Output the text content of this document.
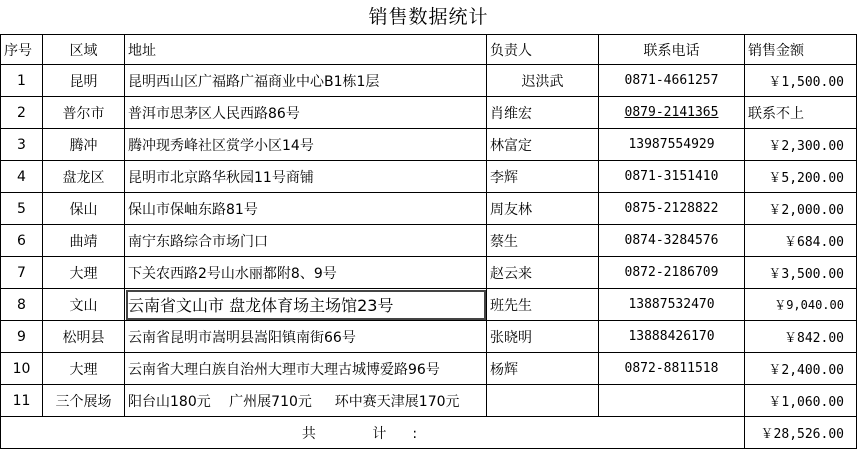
销售数据统计
序号	区域	地址	负责人	联系电话	销售金额
1	昆明	昆明西山区广福路广福商业中心B1栋1层	迟洪武	0871-4661257	￥1,500.00
2	普尔市	普洱市思茅区人民西路86号	肖维宏	0879-2141365	联系不上
3	腾冲	腾冲现秀峰社区赏学小区14号	林富定	13987554929	￥2,300.00
4	盘龙区	昆明市北京路华秋园11号商铺	李辉	0871-3151410	￥5,200.00
5	保山	保山市保岫东路81号	周友林	0875-2128822	￥2,000.00
6	曲靖	南宁东路综合市场门口	蔡生	0874-3284576	￥684.00
7	大理	下关农西路2号山水丽都附8、9号	赵云来	0872-2186709	￥3,500.00
8	文山	云南省文山市 盘龙体育场主场馆23号	班先生	13887532470	￥9,040.00
9	松明县	云南省昆明市嵩明县嵩阳镇南街66号	张晓明	13888426170	￥842.00
10	大理	云南省大理白族自治州大理市大理古城博爱路96号	杨辉	0872-8811518	￥2,400.00
11	三个展场	阳台山180元　 广州展710元 　 环中赛天津展170元			￥1,060.00
共 计:					￥28,526.00
